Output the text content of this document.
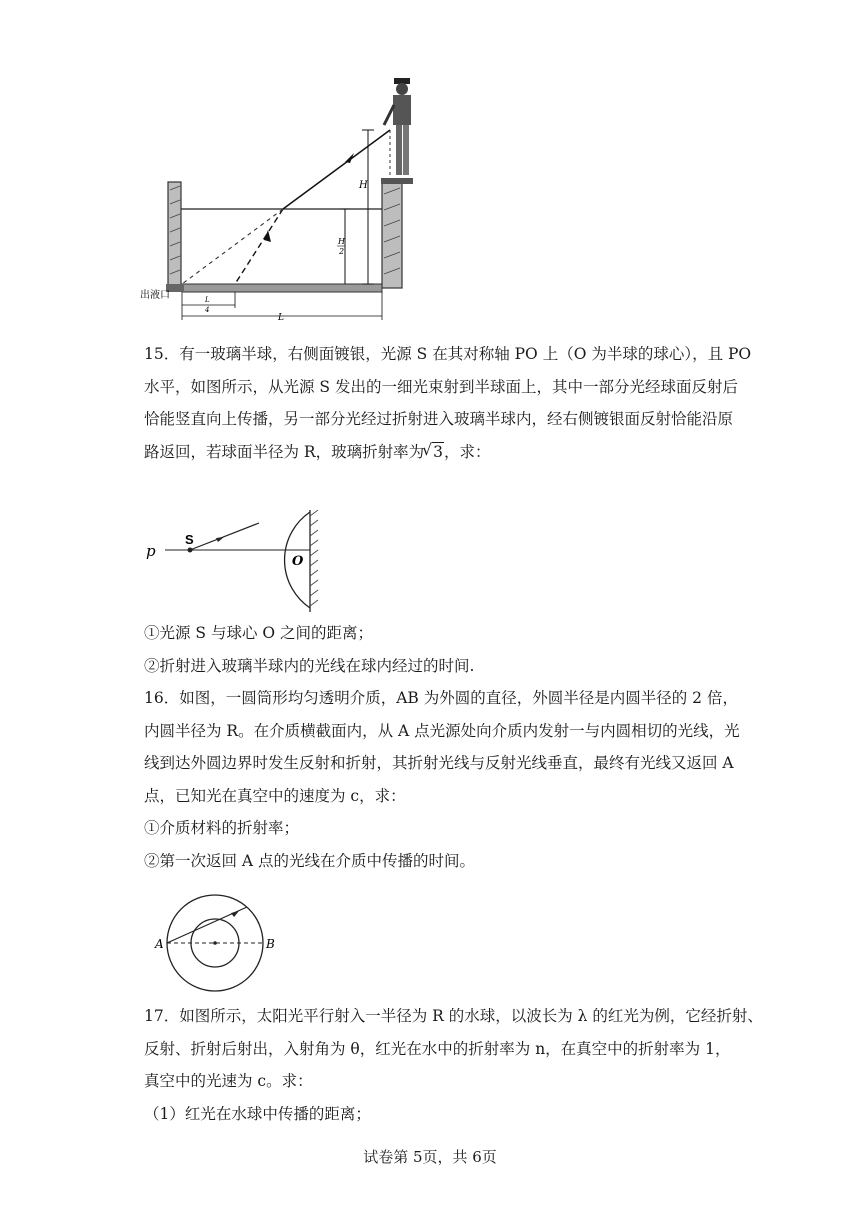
出液口
H
H
2
L
4
L
15．有一玻璃半球，右侧面镀银，光源 S 在其对称轴 PO 上（O 为半球的球心），且 PO
水平，如图所示，从光源 S 发出的一细光束射到半球面上，其中一部分光经球面反射后
恰能竖直向上传播，另一部分光经过折射进入玻璃半球内，经右侧镀银面反射恰能沿原
路返回，若球面半径为 R，玻璃折射率为√ 3，求：
p
S
O
①光源 S 与球心 O 之间的距离；
②折射进入玻璃半球内的光线在球内经过的时间.
16．如图，一圆筒形均匀透明介质，AB 为外圆的直径，外圆半径是内圆半径的 2 倍，
内圆半径为 R。在介质横截面内，从 A 点光源处向介质内发射一与内圆相切的光线，光
线到达外圆边界时发生反射和折射，其折射光线与反射光线垂直，最终有光线又返回 A
点，已知光在真空中的速度为 c，求：
①介质材料的折射率；
②第一次返回 A 点的光线在介质中传播的时间。
A	B
17．如图所示，太阳光平行射入一半径为 R 的水球，以波长为 λ 的红光为例，它经折射、
反射、折射后射出，入射角为 θ，红光在水中的折射率为 n，在真空中的折射率为 1，
真空中的光速为 c。求：
（1）红光在水球中传播的距离；
试卷第 5页，共 6页
